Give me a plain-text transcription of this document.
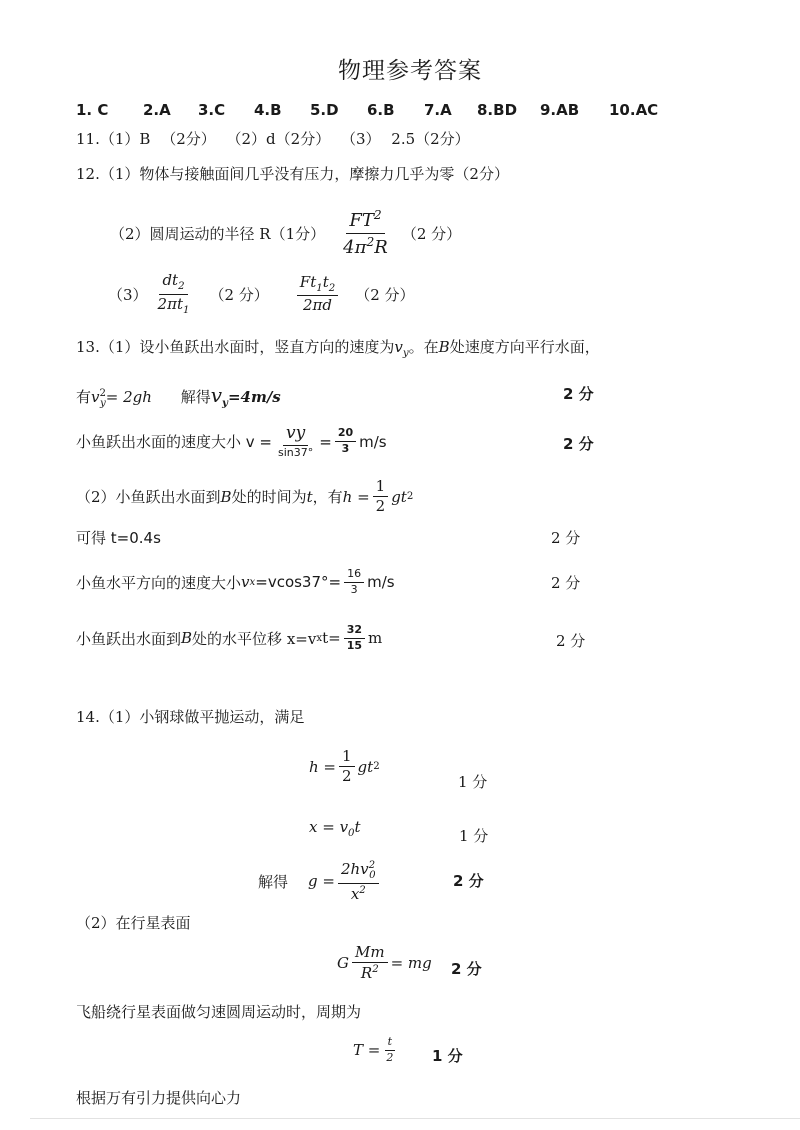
物理参考答案
1. C 2.A 3.C 4.B 5.D 6.B 7.A 8.BD 9.AB 10.AC
11.（1）B （2分） （2）d（2分） （3） 2.5（2分）
12.（1）物体与接触面间几乎没有压力，摩擦力几乎为零（2分）
（2）圆周运动的半径 R（1分） $\frac{FT^2}{4\pi^2R} (2$ 分）
$(3) \frac{dt_2}{2\pi t_1} (2$ 分） $\frac{Ft_1t_2}{2\pi d} (2$ 分）
13.（1）设小鱼跃出水面时，竖直方向的速度为$v_y$。在B处速度方向平行水面，
有$v^2_y= 2gh$ 解得$v_y=4m/s$	2 分
小鱼跃出水面的速度大小 $v = \frac{vy}{\sin 37^\circ} = \frac{20}{3} m/s$	2 分
（2）小鱼跃出水面到 B 处的时间为 t ，有 $h = \frac{1}{2}$ gt 2
可得 t=0.4s	2 分
小鱼水平方向的速度大小 v $x =vcos37^\circ= \frac{16}{3} m/s$	2 分
小鱼跃出水面到 B 处的水平位移 x=v x $t= \frac{32}{15}$ m	2 分
14.（1）小钢球做平抛运动，满足
$h = \frac{1}{2}$ gt 2
1 分
$x = v_0t$	1 分
解得 $g = \frac{2hv^2_0}{x^2}$	2 分
（2）在行星表面
G $\frac{Mm}{R^2}$ = mg 2 分
飞船绕行星表面做匀速圆周运动时，周期为
$T = \frac{t}{2} 1$ 分
根据万有引力提供向心力
